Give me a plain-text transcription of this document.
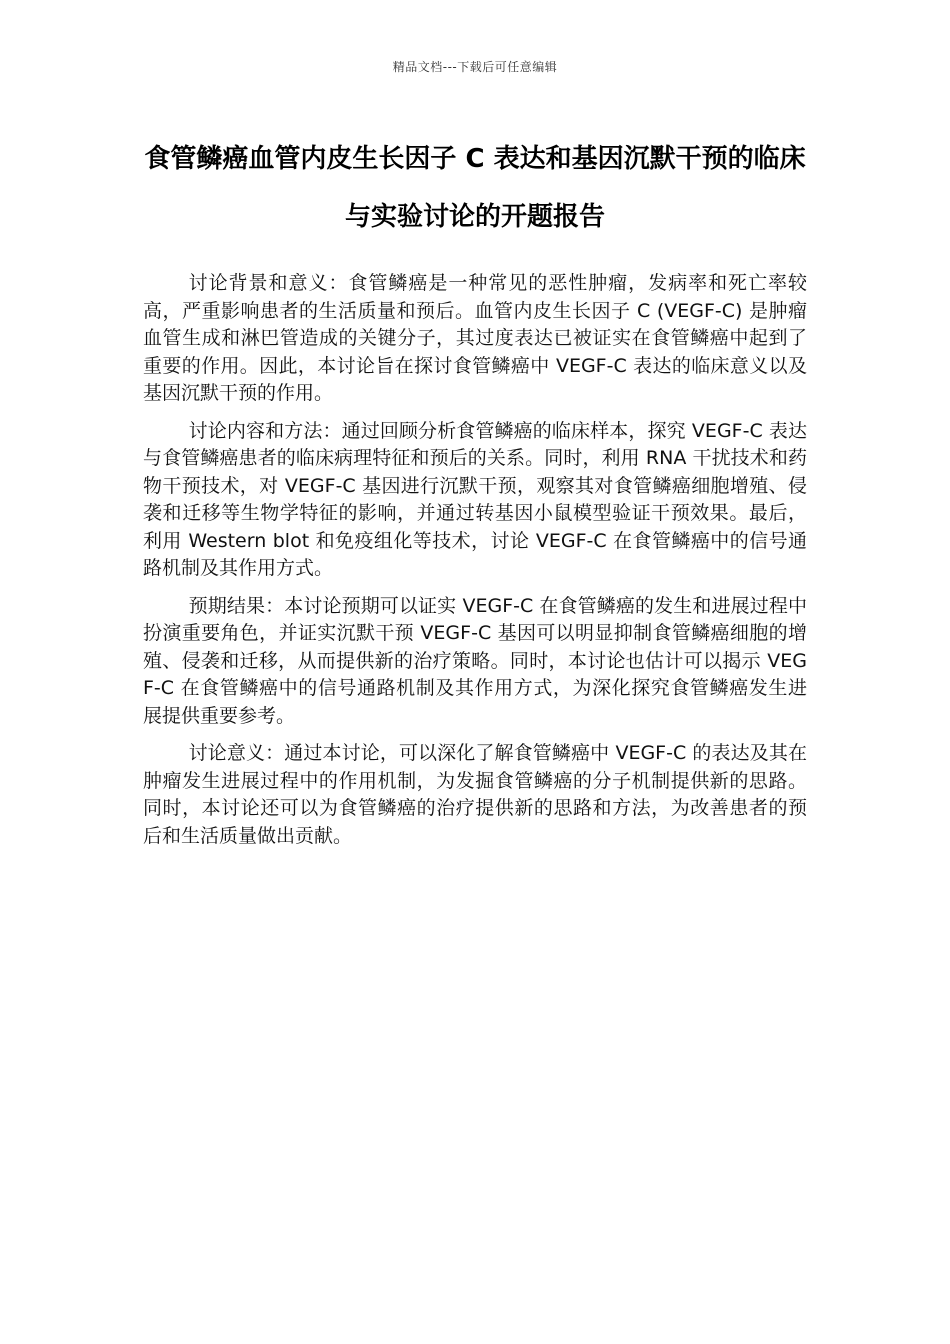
精品文档---下载后可任意编辑
食管鳞癌血管内皮生长因子 C 表达和基因沉默干预的临床与实验讨论的开题报告

讨论背景和意义：食管鳞癌是一种常见的恶性肿瘤，发病率和死亡率较高，严重影响患者的生活质量和预后。血管内皮生长因子 C (VEGF-C) 是肿瘤血管生成和淋巴管造成的关键分子，其过度表达已被证实在食管鳞癌中起到了重要的作用。因此，本讨论旨在探讨食管鳞癌中 VEGF-C 表达的临床意义以及基因沉默干预的作用。

讨论内容和方法：通过回顾分析食管鳞癌的临床样本，探究 VEGF-C 表达与食管鳞癌患者的临床病理特征和预后的关系。同时，利用 RNA 干扰技术和药物干预技术，对 VEGF-C 基因进行沉默干预，观察其对食管鳞癌细胞增殖、侵袭和迁移等生物学特征的影响，并通过转基因小鼠模型验证干预效果。最后，利用 Western blot 和免疫组化等技术，讨论 VEGF-C 在食管鳞癌中的信号通路机制及其作用方式。

预期结果：本讨论预期可以证实 VEGF-C 在食管鳞癌的发生和进展过程中扮演重要角色，并证实沉默干预 VEGF-C 基因可以明显抑制食管鳞癌细胞的增殖、侵袭和迁移，从而提供新的治疗策略。同时，本讨论也估计可以揭示 VEGF-C 在食管鳞癌中的信号通路机制及其作用方式，为深化探究食管鳞癌发生进展提供重要参考。

讨论意义：通过本讨论，可以深化了解食管鳞癌中 VEGF-C 的表达及其在肿瘤发生进展过程中的作用机制，为发掘食管鳞癌的分子机制提供新的思路。同时，本讨论还可以为食管鳞癌的治疗提供新的思路和方法，为改善患者的预后和生活质量做出贡献。
